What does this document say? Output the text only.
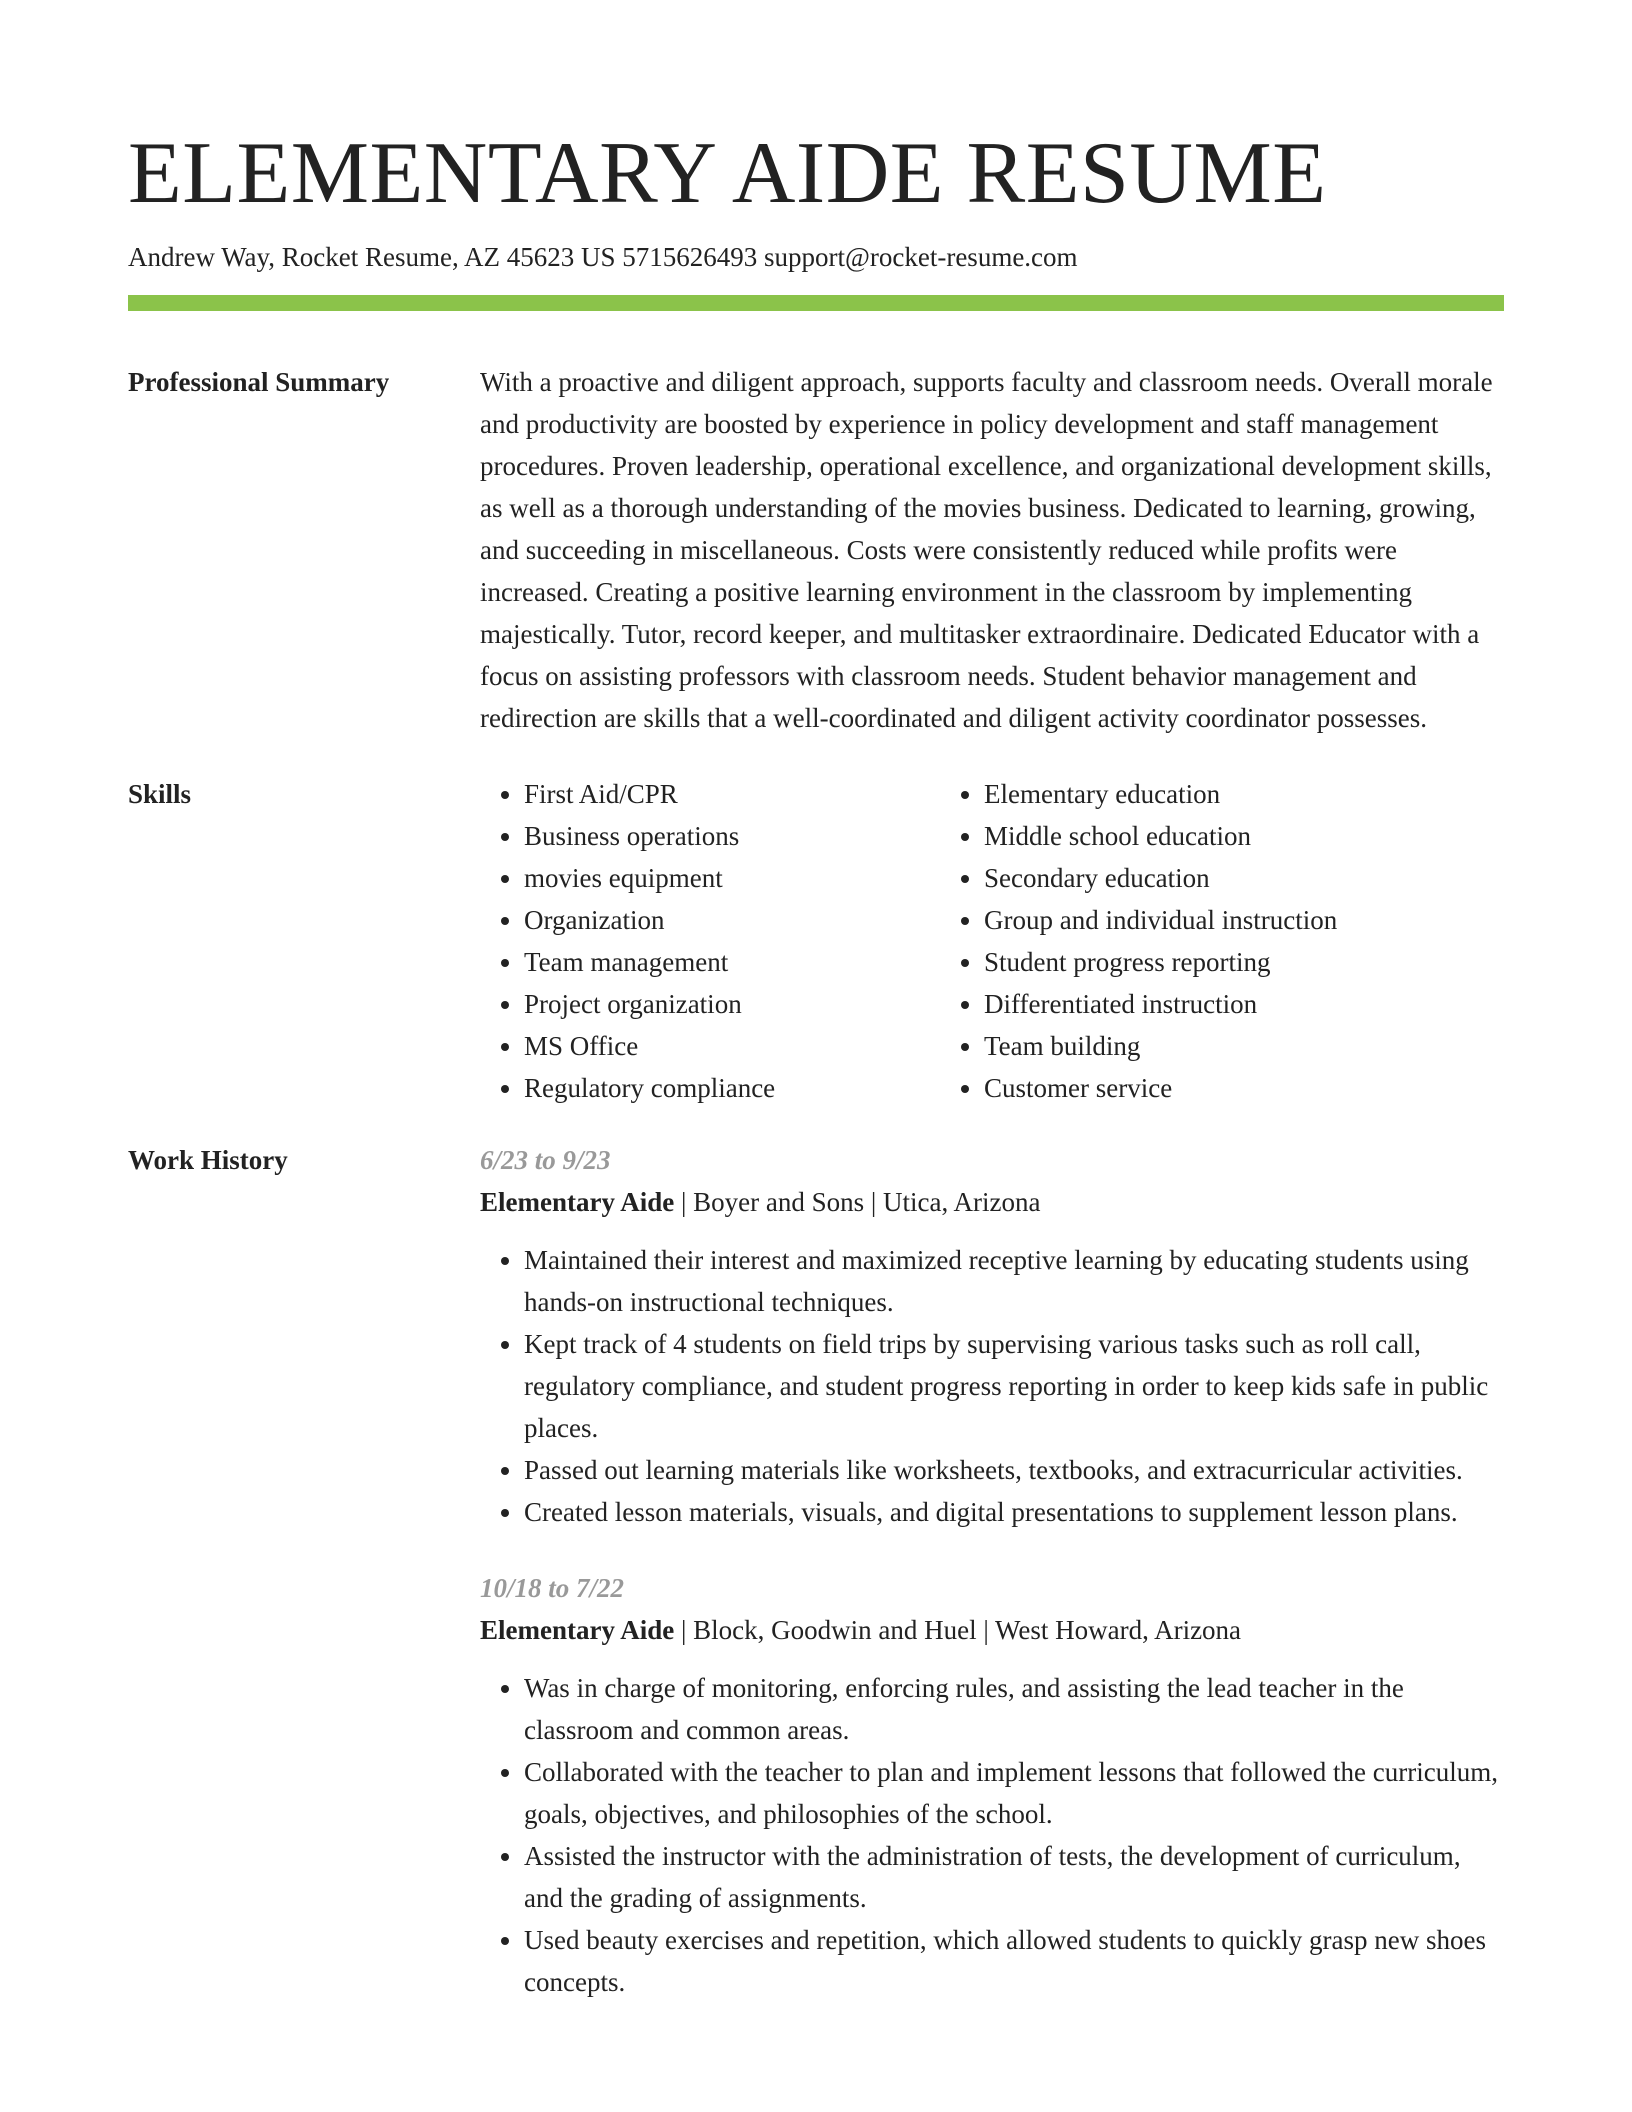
ELEMENTARY AIDE RESUME
Andrew Way, Rocket Resume, AZ 45623 US 5715626493 support@rocket-resume.com
Professional Summary	With a proactive and diligent approach, supports faculty and classroom needs. Overall morale and productivity are boosted by experience in policy development and staff management procedures. Proven leadership, operational excellence, and organizational development skills, as well as a thorough understanding of the movies business. Dedicated to learning, growing, and succeeding in miscellaneous. Costs were consistently reduced while profits were increased. Creating a positive learning environment in the classroom by implementing majestically. Tutor, record keeper, and multitasker extraordinaire. Dedicated Educator with a focus on assisting professors with classroom needs. Student behavior management and redirection are skills that a well-coordinated and diligent activity coordinator possesses.
Skills
•	First Aid/CPR
• Business operations
• movies equipment
• Organization
• Team management
• Project organization
• MS Office
• Regulatory compliance
• Elementary education
• Middle school education
• Secondary education
• Group and individual instruction
• Student progress reporting
• Differentiated instruction
• Team building
• Customer service
Work History	6/23 to 9/23
Elementary Aide | Boyer and Sons | Utica, Arizona
• Maintained their interest and maximized receptive learning by educating students using hands-on instructional techniques.
• Kept track of 4 students on field trips by supervising various tasks such as roll call, regulatory compliance, and student progress reporting in order to keep kids safe in public places.
• Passed out learning materials like worksheets, textbooks, and extracurricular activities.
• Created lesson materials, visuals, and digital presentations to supplement lesson plans.
10/18 to 7/22
Elementary Aide | Block, Goodwin and Huel | West Howard, Arizona
• Was in charge of monitoring, enforcing rules, and assisting the lead teacher in the classroom and common areas.
• Collaborated with the teacher to plan and implement lessons that followed the curriculum, goals, objectives, and philosophies of the school.
• Assisted the instructor with the administration of tests, the development of curriculum, and the grading of assignments.
• Used beauty exercises and repetition, which allowed students to quickly grasp new shoes concepts.
